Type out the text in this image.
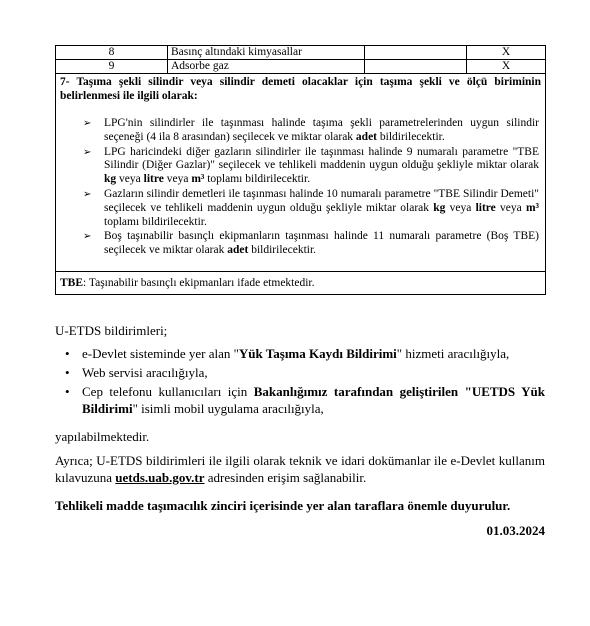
8	Basınç altındaki kimyasallar		X
9	Adsorbe gaz		X
7- Taşıma şekli silindir veya silindir demeti olacaklar için taşıma şekli ve ölçü biriminin belirlenmesi ile ilgili olarak:
➢ LPG'nin silindirler ile taşınması halinde taşıma şekli parametrelerinden uygun silindir seçeneği (4 ila 8 arasından) seçilecek ve miktar olarak adet bildirilecektir.
➢ LPG haricindeki diğer gazların silindirler ile taşınması halinde 9 numaralı parametre "TBE Silindir (Diğer Gazlar)" seçilecek ve tehlikeli maddenin uygun olduğu şekliyle miktar olarak kg veya litre veya m³ toplamı bildirilecektir.
➢ Gazların silindir demetleri ile taşınması halinde 10 numaralı parametre "TBE Silindir Demeti" seçilecek ve tehlikeli maddenin uygun olduğu şekliyle miktar olarak kg veya litre veya m³ toplamı bildirilecektir.
➢ Boş taşınabilir basınçlı ekipmanların taşınması halinde 11 numaralı parametre (Boş TBE) seçilecek ve miktar olarak adet bildirilecektir.
TBE: Taşınabilir basınçlı ekipmanları ifade etmektedir.
U-ETDS bildirimleri;
• e-Devlet sisteminde yer alan "Yük Taşıma Kaydı Bildirimi" hizmeti aracılığıyla,
• Web servisi aracılığıyla,
• Cep telefonu kullanıcıları için Bakanlığımız tarafından geliştirilen "UETDS Yük Bildirimi" isimli mobil uygulama aracılığıyla,
yapılabilmektedir.
Ayrıca; U-ETDS bildirimleri ile ilgili olarak teknik ve idari dokümanlar ile e-Devlet kullanım kılavuzuna uetds.uab.gov.tr adresinden erişim sağlanabilir.
Tehlikeli madde taşımacılık zinciri içerisinde yer alan taraflara önemle duyurulur.
01.03.2024
